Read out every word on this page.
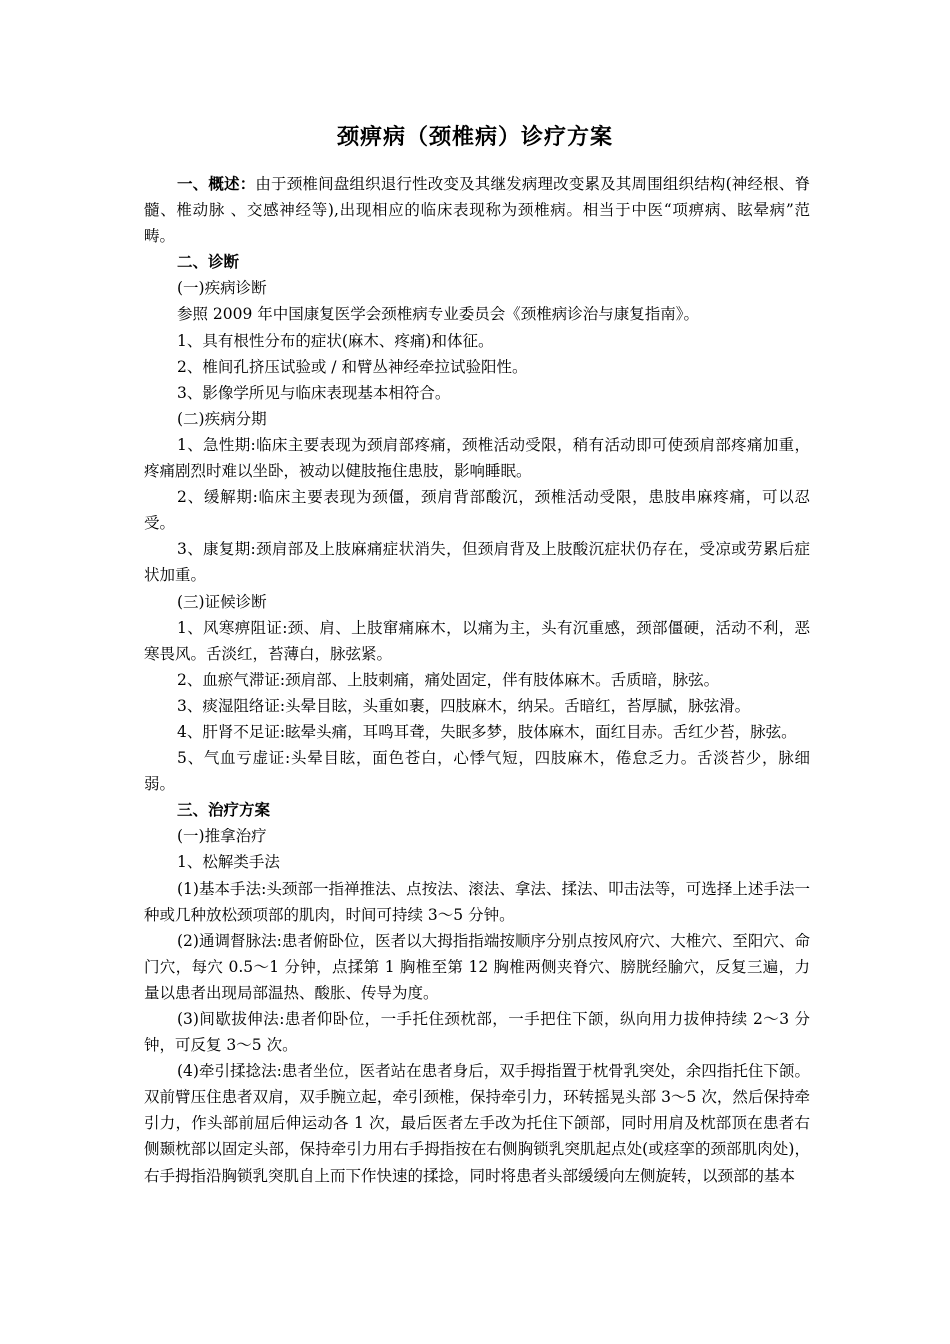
颈痹病（颈椎病）诊疗方案

一、概述：由于颈椎间盘组织退行性改变及其继发病理改变累及其周围组织结构(神经根、脊髓、椎动脉 、交感神经等),出现相应的临床表现称为颈椎病。相当于中医“项痹病、眩晕病”范畴。

二、诊断

(一)疾病诊断

参照 2009 年中国康复医学会颈椎病专业委员会《颈椎病诊治与康复指南》。

1、具有根性分布的症状(麻木、疼痛)和体征。

2、椎间孔挤压试验或 / 和臂丛神经牵拉试验阳性。

3、影像学所见与临床表现基本相符合。

(二)疾病分期

1、急性期:临床主要表现为颈肩部疼痛，颈椎活动受限，稍有活动即可使颈肩部疼痛加重，疼痛剧烈时难以坐卧，被动以健肢拖住患肢，影响睡眠。

2、缓解期:临床主要表现为颈僵，颈肩背部酸沉，颈椎活动受限，患肢串麻疼痛，可以忍受。

3、康复期:颈肩部及上肢麻痛症状消失，但颈肩背及上肢酸沉症状仍存在，受凉或劳累后症状加重。

(三)证候诊断

1、风寒痹阻证:颈、肩、上肢窜痛麻木，以痛为主，头有沉重感，颈部僵硬，活动不利，恶寒畏风。舌淡红，苔薄白，脉弦紧。

2、血瘀气滞证:颈肩部、上肢刺痛，痛处固定，伴有肢体麻木。舌质暗，脉弦。

3、痰湿阻络证:头晕目眩，头重如裹，四肢麻木，纳呆。舌暗红，苔厚腻，脉弦滑。

4、肝肾不足证:眩晕头痛，耳鸣耳聋，失眠多梦，肢体麻木，面红目赤。舌红少苔，脉弦。

5、气血亏虚证:头晕目眩，面色苍白，心悸气短，四肢麻木，倦怠乏力。舌淡苔少，脉细弱。

三、治疗方案

(一)推拿治疗

1、松解类手法

(1)基本手法:头颈部一指禅推法、点按法、滚法、拿法、揉法、叩击法等，可选择上述手法一种或几种放松颈项部的肌肉，时间可持续 3～5 分钟。

(2)通调督脉法:患者俯卧位，医者以大拇指指端按顺序分别点按风府穴、大椎穴、至阳穴、命门穴，每穴 0.5～1 分钟，点揉第 1 胸椎至第 12 胸椎两侧夹脊穴、膀胱经腧穴，反复三遍，力量以患者出现局部温热、酸胀、传导为度。

(3)间歇拔伸法:患者仰卧位，一手托住颈枕部，一手把住下颌，纵向用力拔伸持续 2～3 分钟，可反复 3～5 次。

(4)牵引揉捻法:患者坐位，医者站在患者身后，双手拇指置于枕骨乳突处，余四指托住下颌。双前臂压住患者双肩，双手腕立起，牵引颈椎，保持牵引力，环转摇晃头部 3～5 次，然后保持牵引力，作头部前屈后伸运动各 1 次，最后医者左手改为托住下颌部，同时用肩及枕部顶在患者右侧颞枕部以固定头部，保持牵引力用右手拇指按在右侧胸锁乳突肌起点处(或痉挛的颈部肌肉处)，右手拇指沿胸锁乳突肌自上而下作快速的揉捻，同时将患者头部缓缓向左侧旋转，以颈部的基本
